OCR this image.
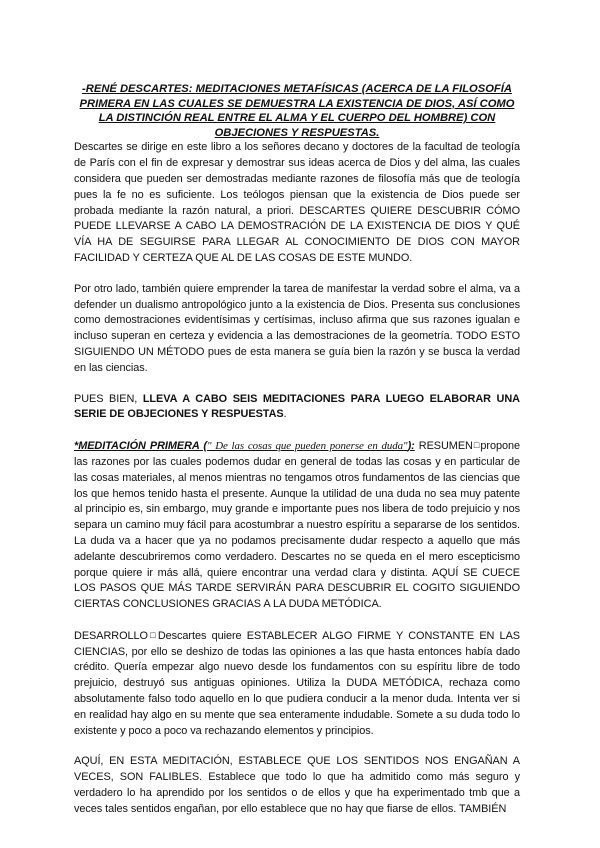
-RENÉ DESCARTES: MEDITACIONES METAFÍSICAS (ACERCA DE LA FILOSOFÍA PRIMERA EN LAS CUALES SE DEMUESTRA LA EXISTENCIA DE DIOS, ASÍ COMO LA DISTINCIÓN REAL ENTRE EL ALMA Y EL CUERPO DEL HOMBRE) CON OBJECIONES Y RESPUESTAS.

Descartes se dirige en este libro a los señores decano y doctores de la facultad de teología de París con el fin de expresar y demostrar sus ideas acerca de Dios y del alma, las cuales considera que pueden ser demostradas mediante razones de filosofía más que de teología pues la fe no es suficiente. Los teólogos piensan que la existencia de Dios puede ser probada mediante la razón natural, a priori. DESCARTES QUIERE DESCUBRIR CÓMO PUEDE LLEVARSE A CABO LA DEMOSTRACIÓN DE LA EXISTENCIA DE DIOS Y QUÉ VÍA HA DE SEGUIRSE PARA LLEGAR AL CONOCIMIENTO DE DIOS CON MAYOR FACILIDAD Y CERTEZA QUE AL DE LAS COSAS DE ESTE MUNDO.

Por otro lado, también quiere emprender la tarea de manifestar la verdad sobre el alma, va a defender un dualismo antropológico junto a la existencia de Dios. Presenta sus conclusiones como demostraciones evidentísimas y certísimas, incluso afirma que sus razones igualan e incluso superan en certeza y evidencia a las demostraciones de la geometría. TODO ESTO SIGUIENDO UN MÉTODO pues de esta manera se guía bien la razón y se busca la verdad en las ciencias.

PUES BIEN, LLEVA A CABO SEIS MEDITACIONES PARA LUEGO ELABORAR UNA SERIE DE OBJECIONES Y RESPUESTAS.

*MEDITACIÓN PRIMERA (" De las cosas que pueden ponerse en duda"): RESUMEN□propone las razones por las cuales podemos dudar en general de todas las cosas y en particular de las cosas materiales, al menos mientras no tengamos otros fundamentos de las ciencias que los que hemos tenido hasta el presente. Aunque la utilidad de una duda no sea muy patente al principio es, sin embargo, muy grande e importante pues nos libera de todo prejuicio y nos separa un camino muy fácil para acostumbrar a nuestro espíritu a separarse de los sentidos. La duda va a hacer que ya no podamos precisamente dudar respecto a aquello que más adelante descubriremos como verdadero. Descartes no se queda en el mero escepticismo porque quiere ir más allá, quiere encontrar una verdad clara y distinta. AQUÍ SE CUECE LOS PASOS QUE MÁS TARDE SERVIRÁN PARA DESCUBRIR EL COGITO SIGUIENDO CIERTAS CONCLUSIONES GRACIAS A LA DUDA METÓDICA.

DESARROLLO□Descartes quiere ESTABLECER ALGO FIRME Y CONSTANTE EN LAS CIENCIAS, por ello se deshizo de todas las opiniones a las que hasta entonces había dado crédito. Quería empezar algo nuevo desde los fundamentos con su espíritu libre de todo prejuicio, destruyó sus antiguas opiniones. Utiliza la DUDA METÓDICA, rechaza como absolutamente falso todo aquello en lo que pudiera conducir a la menor duda. Intenta ver si en realidad hay algo en su mente que sea enteramente indudable. Somete a su duda todo lo existente y poco a poco va rechazando elementos y principios.

AQUÍ, EN ESTA MEDITACIÓN, ESTABLECE QUE LOS SENTIDOS NOS ENGAÑAN A VECES, SON FALIBLES. Establece que todo lo que ha admitido como más seguro y verdadero lo ha aprendido por los sentidos o de ellos y que ha experimentado tmb que a veces tales sentidos engañan, por ello establece que no hay que fiarse de ellos. TAMBIÉN
